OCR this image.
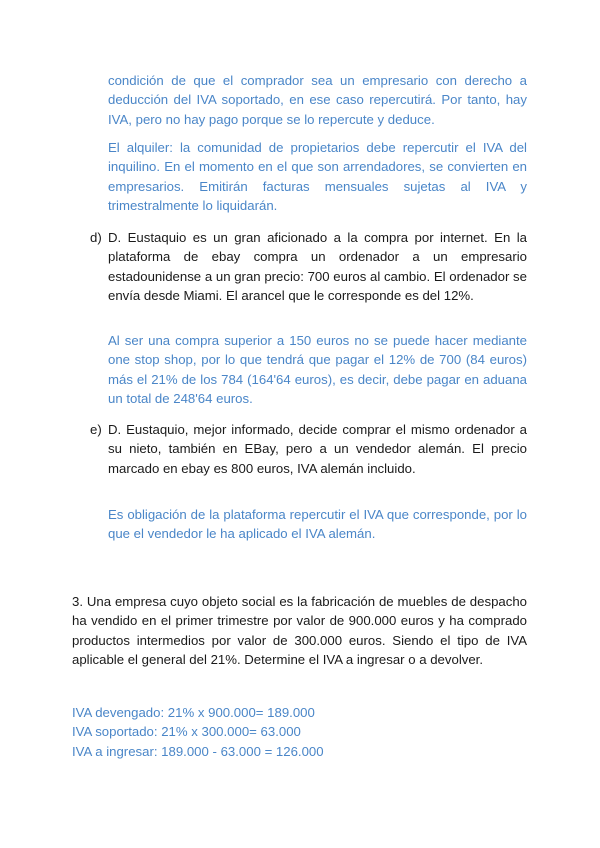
condición de que el comprador sea un empresario con derecho a deducción del IVA soportado, en ese caso repercutirá. Por tanto, hay IVA, pero no hay pago porque se lo repercute y deduce.

El alquiler: la comunidad de propietarios debe repercutir el IVA del inquilino. En el momento en el que son arrendadores, se convierten en empresarios. Emitirán facturas mensuales sujetas al IVA y trimestralmente lo liquidarán.

d) D. Eustaquio es un gran aficionado a la compra por internet. En la plataforma de ebay compra un ordenador a un empresario estadounidense a un gran precio: 700 euros al cambio. El ordenador se envía desde Miami. El arancel que le corresponde es del 12%.

Al ser una compra superior a 150 euros no se puede hacer mediante one stop shop, por lo que tendrá que pagar el 12% de 700 (84 euros) más el 21% de los 784 (164'64 euros), es decir, debe pagar en aduana un total de 248'64 euros.

e) D. Eustaquio, mejor informado, decide comprar el mismo ordenador a su nieto, también en EBay, pero a un vendedor alemán. El precio marcado en ebay es 800 euros, IVA alemán incluido.

Es obligación de la plataforma repercutir el IVA que corresponde, por lo que el vendedor le ha aplicado el IVA alemán.

3. Una empresa cuyo objeto social es la fabricación de muebles de despacho ha vendido en el primer trimestre por valor de 900.000 euros y ha comprado productos intermedios por valor de 300.000 euros. Siendo el tipo de IVA aplicable el general del 21%. Determine el IVA a ingresar o a devolver.

IVA devengado: 21% x 900.000= 189.000
IVA soportado: 21% x 300.000= 63.000
IVA a ingresar: 189.000 - 63.000 = 126.000
